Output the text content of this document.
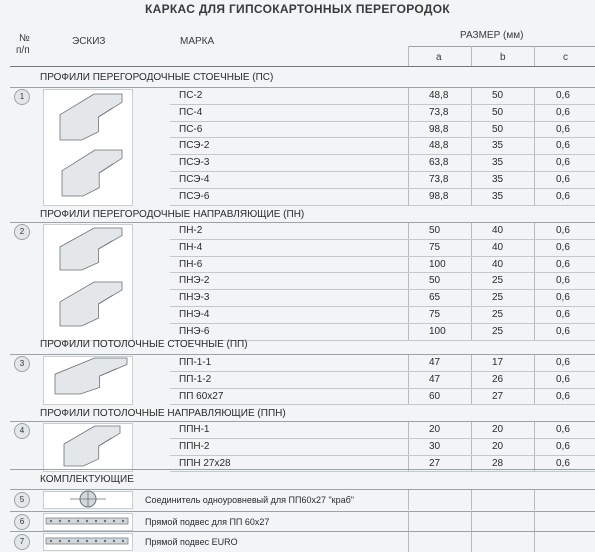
КАРКАС ДЛЯ ГИПСОКАРТОННЫХ ПЕРЕГОРОДОК
№
п/п
ЭСКИЗ	МАРКА
РАЗМЕР (мм)
a	b	c
ПРОФИЛИ ПЕРЕГОРОДОЧНЫЕ СТОЕЧНЫЕ (ПС)
1	ПС-2	48,8	50	0,6
ПС-4	73,8	50	0,6
ПС-6	98,8	50	0,6
ПСЭ-2	48,8	35	0,6
ПСЭ-3	63,8	35	0,6
ПСЭ-4	73,8	35	0,6
ПСЭ-6	98,8	35	0,6
ПРОФИЛИ ПЕРЕГОРОДОЧНЫЕ НАПРАВЛЯЮЩИЕ (ПН)
2	ПН-2	50	40	0,6
ПН-4	75	40	0,6
ПН-6	100	40	0,6
ПНЭ-2	50	25	0,6
ПНЭ-3	65	25	0,6
ПНЭ-4	75	25	0,6
ПНЭ-6	100	25	0,6
ПРОФИЛИ ПОТОЛОЧНЫЕ СТОЕЧНЫЕ (ПП)
3	ПП-1-1	47	17	0,6
ПП-1-2	47	26	0,6
ПП 60х27	60	27	0,6
ПРОФИЛИ ПОТОЛОЧНЫЕ НАПРАВЛЯЮЩИЕ (ППН)
4	ППН-1	20	20	0,6
ППН-2	30	20	0,6
ППН 27х28	27	28	0,6
КОМПЛЕКТУЮЩИЕ
5	Соединитель одноуровневый для ПП60х27 "краб"
6	Прямой подвес для ПП 60х27
7	Прямой подвес EURO
